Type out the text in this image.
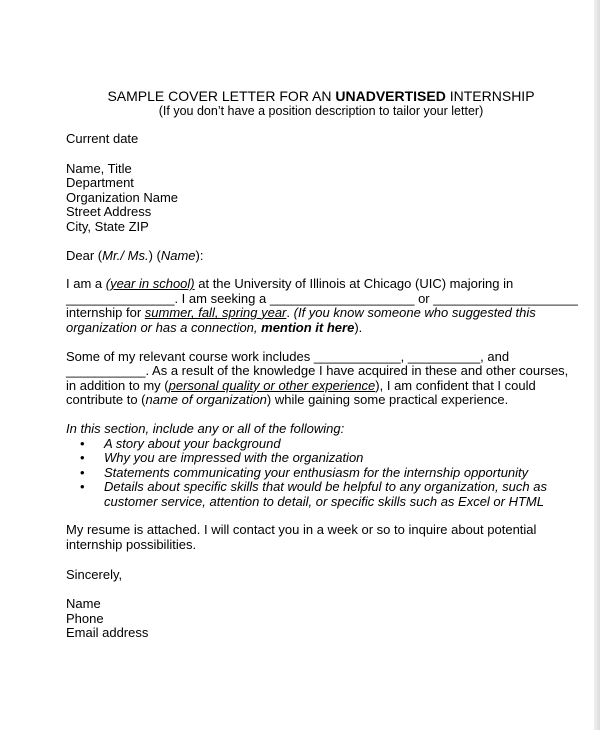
SAMPLE COVER LETTER FOR AN UNADVERTISED INTERNSHIP
(If you don’t have a position description to tailor your letter)
Current date
Name, Title
Department
Organization Name
Street Address
City, State ZIP
Dear (Mr./ Ms.) (Name):
I am a (year in school) at the University of Illinois at Chicago (UIC) majoring in
_______________. I am seeking a ____________________ or ____________________
internship for summer, fall, spring year. (If you know someone who suggested this
organization or has a connection, mention it here).
Some of my relevant course work includes ____________, __________, and
___________. As a result of the knowledge I have acquired in these and other courses,
in addition to my (personal quality or other experience), I am confident that I could
contribute to (name of organization) while gaining some practical experience.
In this section, include any or all of the following:
• A story about your background
• Why you are impressed with the organization
• Statements communicating your enthusiasm for the internship opportunity
• Details about specific skills that would be helpful to any organization, such as
customer service, attention to detail, or specific skills such as Excel or HTML
My resume is attached. I will contact you in a week or so to inquire about potential
internship possibilities.
Sincerely,
Name
Phone
Email address
